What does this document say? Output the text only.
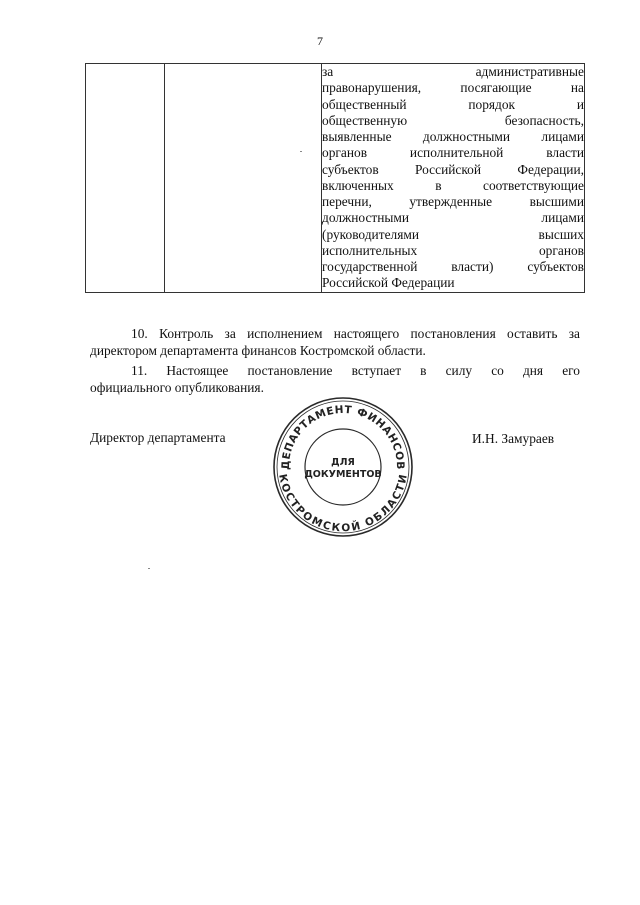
7

за административные
правонарушения, посягающие на
общественный порядок и
общественную безопасность,
выявленные должностными лицами
органов исполнительной власти
субъектов Российской Федерации,
включенных в соответствующие
перечни, утвержденные высшими
должностными лицами
(руководителями высших
исполнительных органов
государственной власти) субъектов
Российской Федерации
10. Контроль за исполнением настоящего постановления оставить за
директором департамента финансов Костромской области.
11. Настоящее постановление вступает в силу со дня его
официального опубликования.
Директор департамента	И.Н. Замураев
ДЕПАРТАМЕНТ ФИНАНСОВ
КОСТРОМСКОЙ ОБЛАСТИ
ДЛЯ
ДОКУМЕНТОВ
